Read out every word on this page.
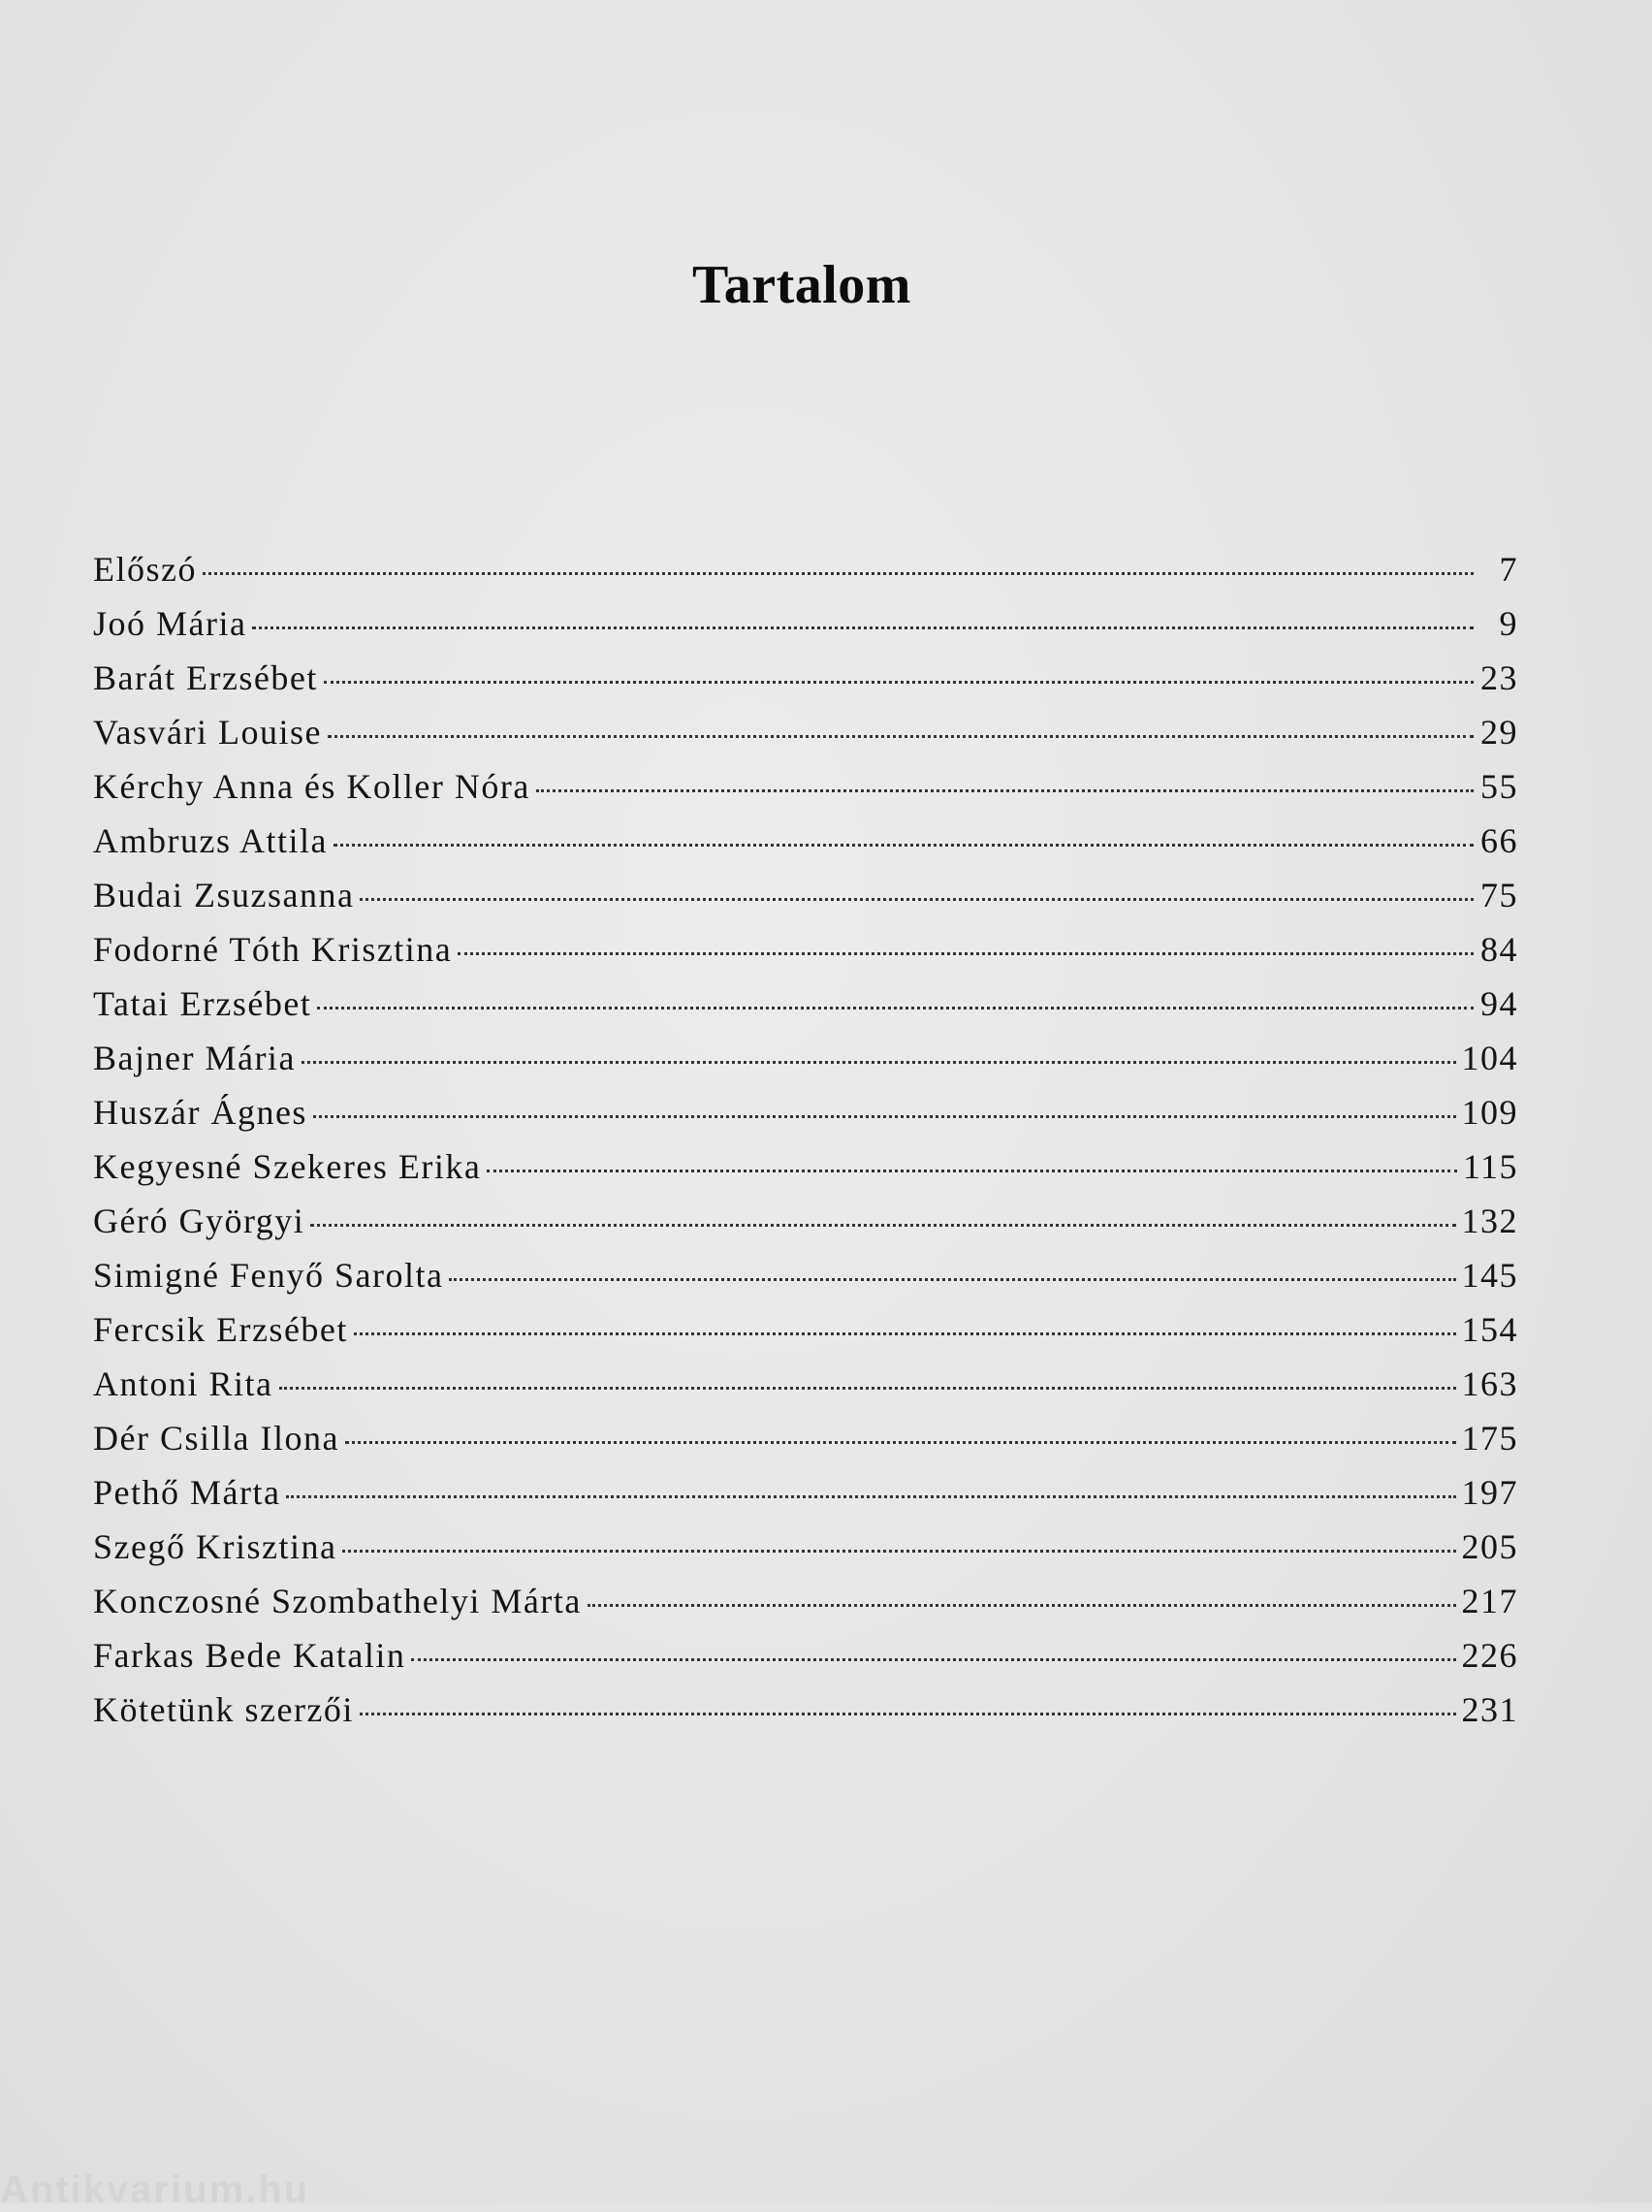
Tartalom
Előszó	7
Joó Mária	9
Barát Erzsébet	23
Vasvári Louise	29
Kérchy Anna és Koller Nóra	55
Ambruzs Attila	66
Budai Zsuzsanna	75
Fodorné Tóth Krisztina	84
Tatai Erzsébet	94
Bajner Mária	104
Huszár Ágnes	109
Kegyesné Szekeres Erika	115
Géró Györgyi	132
Simigné Fenyő Sarolta	145
Fercsik Erzsébet	154
Antoni Rita	163
Dér Csilla Ilona	175
Pethő Márta	197
Szegő Krisztina	205
Konczosné Szombathelyi Márta	217
Farkas Bede Katalin	226
Kötetünk szerzői	231
Antikvarium.hu
